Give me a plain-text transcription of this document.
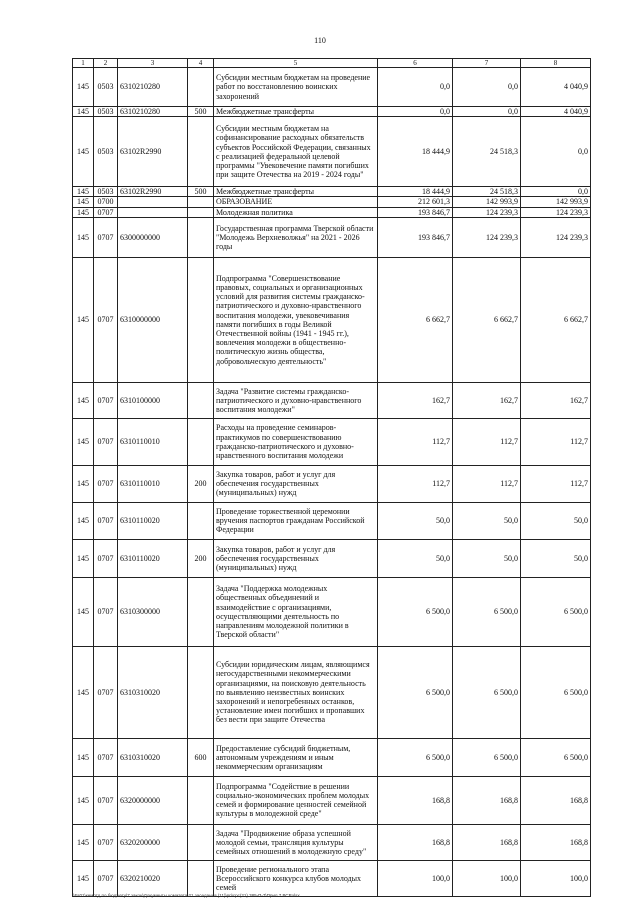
110
1	2	3	4	5	6	7	8
145	0503	6310210280		Субсидии местным бюджетам на проведение работ по восстановлению воинских захоронений	0,0	0,0	4 040,9
145	0503	6310210280	500	Межбюджетные трансферты	0,0	0,0	4 040,9
145	0503	63102R2990		Субсидии местным бюджетам на софинансирование расходных обязательств субъектов Российской Федерации, связанных с реализацией федеральной целевой программы "Увековечение памяти погибших при защите Отечества на 2019 - 2024 годы"	18 444,9	24 518,3	0,0
145	0503	63102R2990	500	Межбюджетные трансферты	18 444,9	24 518,3	0,0
145	0700			ОБРАЗОВАНИЕ	212 601,3	142 993,9	142 993,9
145	0707			Молодежная политика	193 846,7	124 239,3	124 239,3
145	0707	6300000000		Государственная программа Тверской области "Молодежь Верхневолжья" на 2021 - 2026 годы	193 846,7	124 239,3	124 239,3
145	0707	6310000000		Подпрограмма "Совершенствование правовых, социальных и организационных условий для развития системы гражданско-патриотического и духовно-нравственного воспитания молодежи, увековечивания памяти погибших в годы Великой Отечественной войны (1941 - 1945 гг.), вовлечения молодежи в общественно-политическую жизнь общества, добровольческую деятельность"	6 662,7	6 662,7	6 662,7
145	0707	6310100000		Задача "Развитие системы гражданско-патриотического и духовно-нравственного воспитания молодежи"	162,7	162,7	162,7
145	0707	6310110010		Расходы на проведение семинаров-практикумов по совершенствованию гражданско-патриотического и духовно-нравственного воспитания молодежи	112,7	112,7	112,7
145	0707	6310110010	200	Закупка товаров, работ и услуг для обеспечения государственных (муниципальных) нужд	112,7	112,7	112,7
145	0707	6310110020		Проведение торжественной церемонии вручения паспортов гражданам Российской Федерации	50,0	50,0	50,0
145	0707	6310110020	200	Закупка товаров, работ и услуг для обеспечения государственных (муниципальных) нужд	50,0	50,0	50,0
145	0707	6310300000		Задача "Поддержка молодежных общественных объединений и взаимодействие с организациями, осуществляющими деятельность по направлениям молодежной политики в Тверской области"	6 500,0	6 500,0	6 500,0
145	0707	6310310020		Субсидии юридическим лицам, являющимся негосударственными некоммерческими организациями, на поисковую деятельность по выявлению неизвестных воинских захоронений и непогребенных останков, установление имен погибших и пропавших без вести при защите Отечества	6 500,0	6 500,0	6 500,0
145	0707	6310310020	600	Предоставление субсидий бюджетным, автономным учреждениям и иным некоммерческим организациям	6 500,0	6 500,0	6 500,0
145	0707	6320000000		Подпрограмма "Содействие в решении социально-экономических проблем молодых семей и формирование ценностей семейной культуры в молодежной среде"	168,8	168,8	168,8
145	0707	6320200000		Задача "Продвижение образа успешной молодой семьи, трансляция культуры семейных отношений в молодежную среду"	168,8	168,8	168,8
145	0707	6320210020		Проведение регионального этапа Всероссийского конкурса клубов молодых семей	100,0	100,0	100,0
\\Fs01\кемотд по бюджету\7 закон\Документы комитета\21 заседания (11)\рп\срс(21) 385-П-7\Прил 7 ВСР.xlsx
